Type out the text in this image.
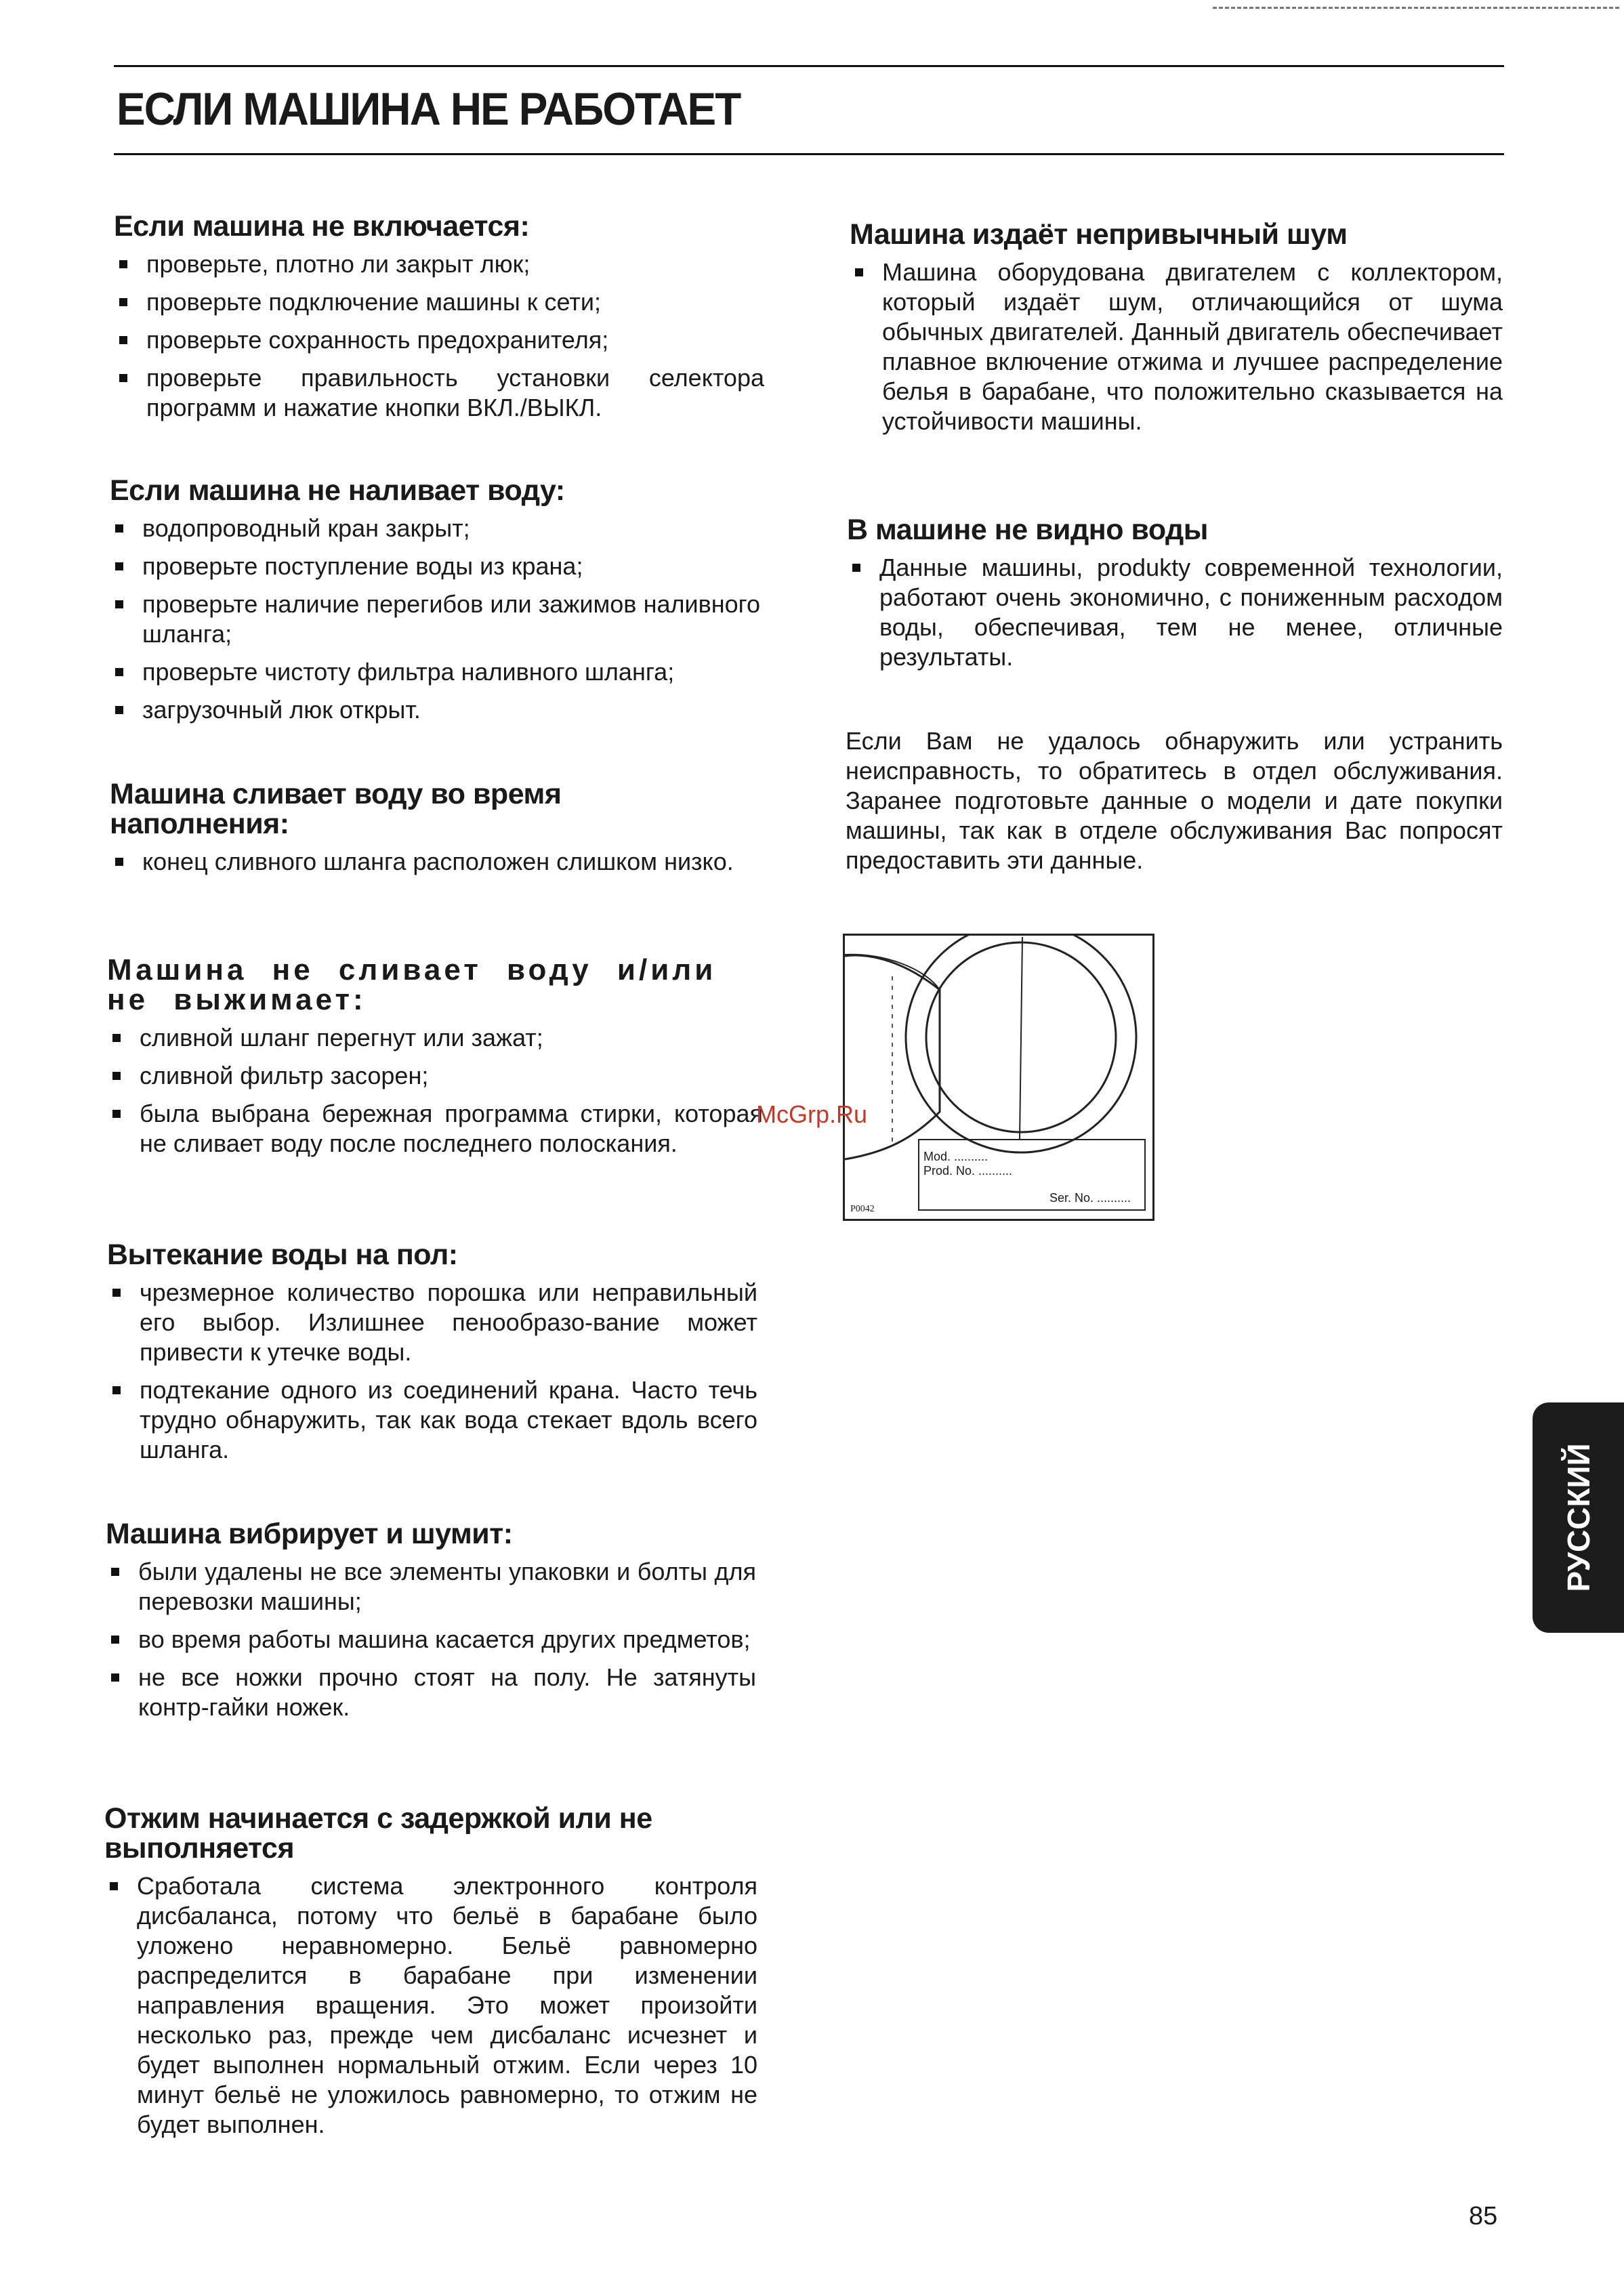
ЕСЛИ МАШИНА НЕ РАБОТАЕТ
Если машина не включается:
проверьте, плотно ли закрыт люк;
проверьте подключение машины к сети;
проверьте сохранность предохранителя;
проверьте правильность установки селектора программ и нажатие кнопки ВКЛ./ВЫКЛ.
Если машина не наливает воду:
водопроводный кран закрыт;
проверьте поступление воды из крана;
проверьте наличие перегибов или зажимов наливного шланга;
проверьте чистоту фильтра наливного шланга;
загрузочный люк открыт.
Машина сливает воду во время наполнения:
конец сливного шланга расположен слишком низко.
Машина не сливает воду и/или не выжимает:
сливной шланг перегнут или зажат;
сливной фильтр засорен;
была выбрана бережная программа стирки, которая не сливает воду после последнего полоскания.
Вытекание воды на пол:
чрезмерное количество порошка или неправильный его выбор. Излишнее пенообразо-вание может привести к утечке воды.
подтекание одного из соединений крана. Часто течь трудно обнаружить, так как вода стекает вдоль всего шланга.
Машина вибрирует и шумит:
были удалены не все элементы упаковки и болты для перевозки машины;
во время работы машина касается других предметов;
не все ножки прочно стоят на полу. Не затянуты контр-гайки ножек.
Отжим начинается с задержкой или не выполняется
Сработала система электронного контроля дисбаланса, потому что бельё в барабане было уложено неравномерно. Бельё равномерно распределится в барабане при изменении направления вращения. Это может произойти несколько раз, прежде чем дисбаланс исчезнет и будет выполнен нормальный отжим. Если через 10 минут бельё не уложилось равномерно, то отжим не будет выполнен.
Машина издаёт непривычный шум
Машина оборудована двигателем с коллектором, который издаёт шум, отличающийся от шума обычных двигателей. Данный двигатель обеспечивает плавное включение отжима и лучшее распределение белья в барабане, что положительно сказывается на устойчивости машины.
В машине не видно воды
Данные машины, produkty современной технологии, работают очень экономично, с пониженным расходом воды, обеспечивая, тем не менее, отличные результаты.
Если Вам не удалось обнаружить или устранить неисправность, то обратитесь в отдел обслуживания. Заранее подготовьте данные о модели и дате покупки машины, так как в отделе обслуживания Вас попросят предоставить эти данные.
Mod. ..........
Prod. No. ..........
Ser. No. ..........
P0042
McGrp.Ru
РУССКИЙ
85
